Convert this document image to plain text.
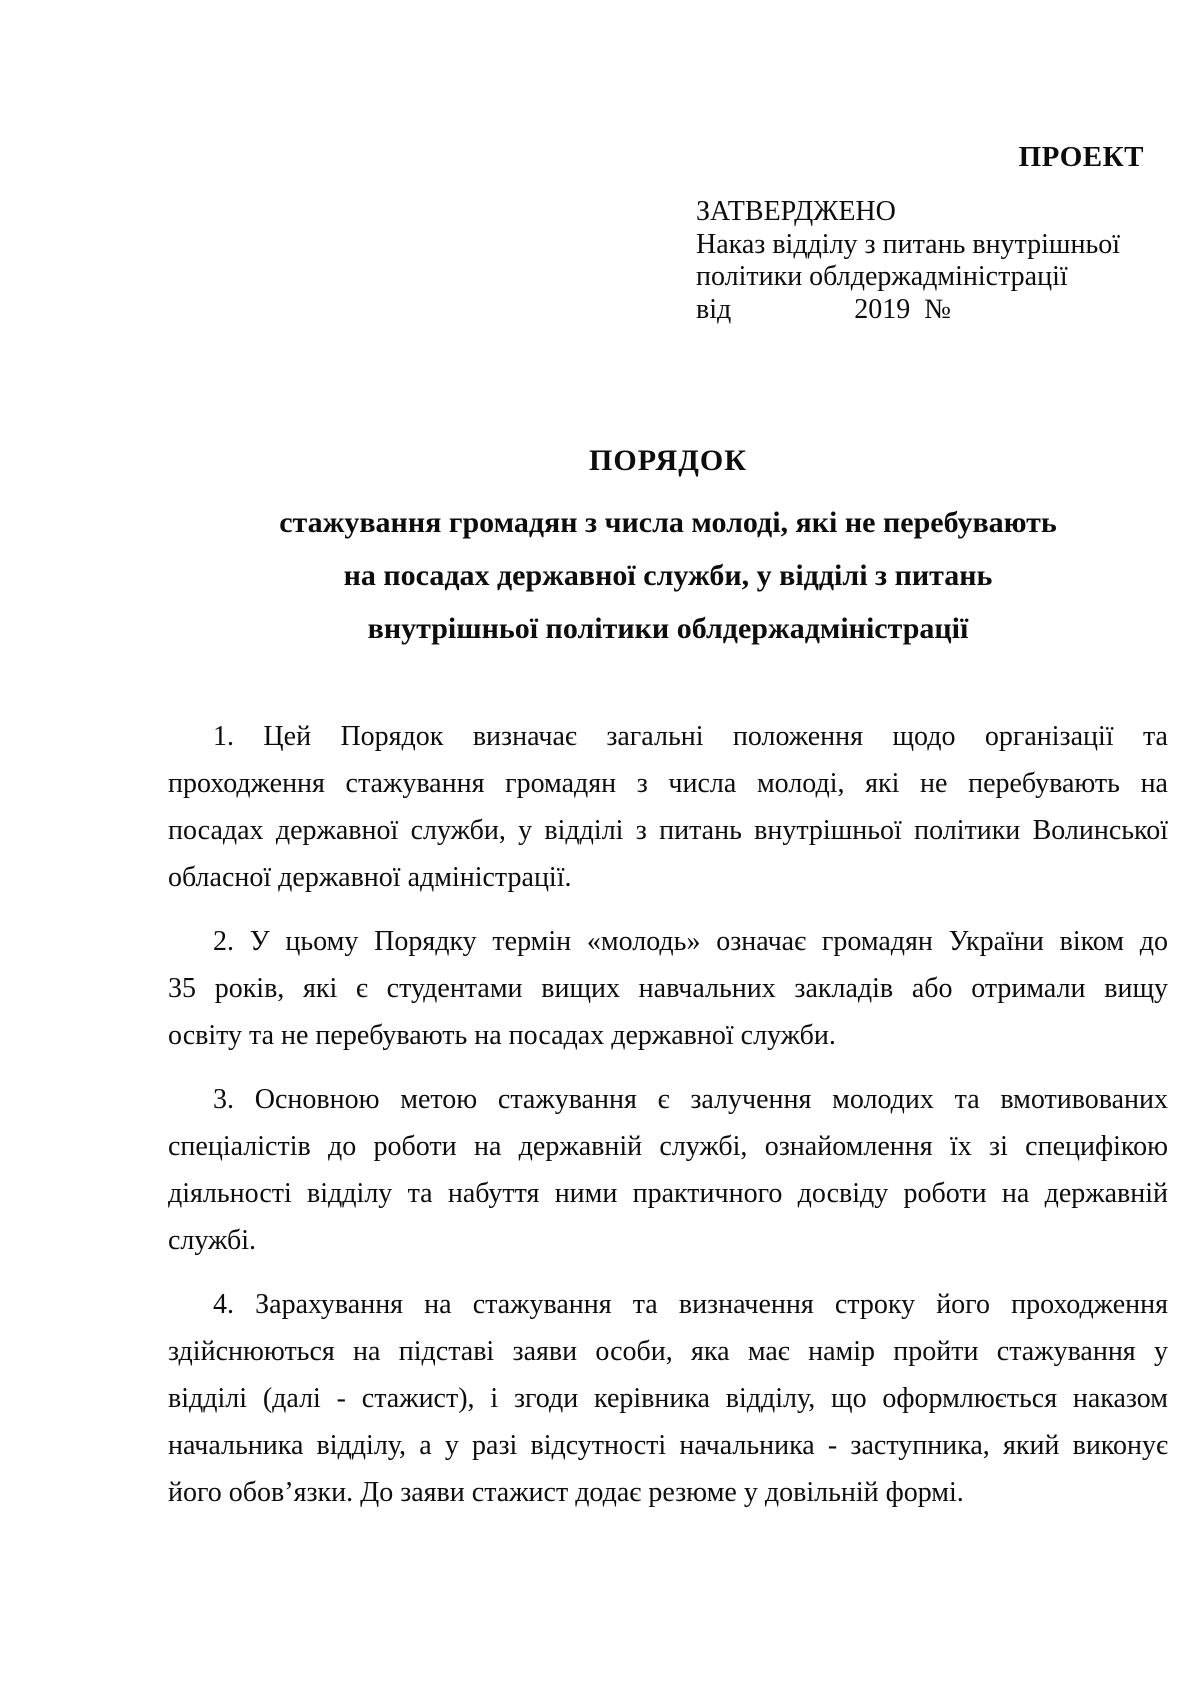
ПРОЕКТ
ЗАТВЕРДЖЕНО
Наказ відділу з питань внутрішньої
політики облдержадміністрації
від	2019 №
ПОРЯДОК
стажування громадян з числа молоді, які не перебувають
на посадах державної служби, у відділі з питань
внутрішньої політики облдержадміністрації
1. Цей Порядок визначає загальні положення щодо організації та
проходження стажування громадян з числа молоді, які не перебувають на
посадах державної служби, у відділі з питань внутрішньої політики Волинської
обласної державної адміністрації.
2. У цьому Порядку термін «молодь» означає громадян України віком до
35 років, які є студентами вищих навчальних закладів або отримали вищу
освіту та не перебувають на посадах державної служби.
3. Основною метою стажування є залучення молодих та вмотивованих
спеціалістів до роботи на державній службі, ознайомлення їх зі специфікою
діяльності відділу та набуття ними практичного досвіду роботи на державній
службі.
4. Зарахування на стажування та визначення строку його проходження
здійснюються на підставі заяви особи, яка має намір пройти стажування у
відділі (далі - стажист), і згоди керівника відділу, що оформлюється наказом
начальника відділу, а у разі відсутності начальника - заступника, який виконує
його обов’язки. До заяви стажист додає резюме у довільній формі.
